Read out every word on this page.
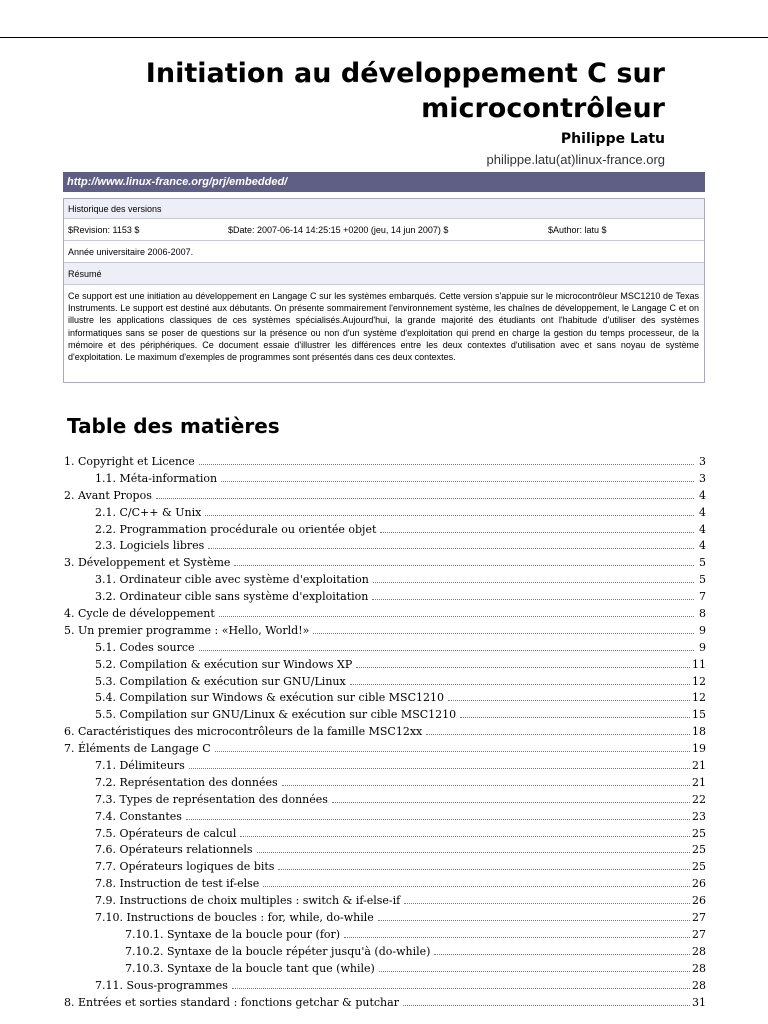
Initiation au développement C sur
microcontrôleur
Philippe Latu
philippe.latu(at)linux-france.org
http://www.linux-france.org/prj/embedded/
Historique des versions
$Revision: 1153 $	$Date: 2007-06-14 14:25:15 +0200 (jeu, 14 jun 2007) $	$Author: latu $
Année universitaire 2006-2007.
Résumé

Ce support est une initiation au développement en Langage C sur les systèmes embarqués. Cette version s'appuie sur le microcontrôleur MSC1210 de Texas Instruments. Le support est destiné aux débutants. On présente sommairement l'environnement système, les chaînes de développement, le Langage C et on illustre les applications classiques de ces systèmes spécialisés.Aujourd'hui, la grande majorité des étudiants ont l'habitude d'utiliser des systèmes informatiques sans se poser de questions sur la présence ou non d'un système d'exploitation qui prend en charge la gestion du temps processeur, de la mémoire et des périphériques. Ce document essaie d'illustrer les différences entre les deux contextes d'utilisation avec et sans noyau de système d'exploitation. Le maximum d'exemples de programmes sont présentés dans ces deux contextes.

Table des matières
1. Copyright et Licence	3
1.1. Méta-information	3
2. Avant Propos	4
2.1. C/C++ & Unix	4
2.2. Programmation procédurale ou orientée objet	4
2.3. Logiciels libres	4
3. Développement et Système	5
3.1. Ordinateur cible avec système d'exploitation	5
3.2. Ordinateur cible sans système d'exploitation	7
4. Cycle de développement	8
5. Un premier programme : «Hello, World!»	9
5.1. Codes source	9
5.2. Compilation & exécution sur Windows XP	11
5.3. Compilation & exécution sur GNU/Linux	12
5.4. Compilation sur Windows & exécution sur cible MSC1210	12
5.5. Compilation sur GNU/Linux & exécution sur cible MSC1210	15
6. Caractéristiques des microcontrôleurs de la famille MSC12xx	18
7. Éléments de Langage C	19
7.1. Délimiteurs	21
7.2. Représentation des données	21
7.3. Types de représentation des données	22
7.4. Constantes	23
7.5. Opérateurs de calcul	25
7.6. Opérateurs relationnels	25
7.7. Opérateurs logiques de bits	25
7.8. Instruction de test if-else	26
7.9. Instructions de choix multiples : switch & if-else-if	26
7.10. Instructions de boucles : for, while, do-while	27
7.10.1. Syntaxe de la boucle pour (for)	27
7.10.2. Syntaxe de la boucle répéter jusqu'à (do-while)	28
7.10.3. Syntaxe de la boucle tant que (while)	28
7.11. Sous-programmes	28
8. Entrées et sorties standard : fonctions getchar & putchar	31
